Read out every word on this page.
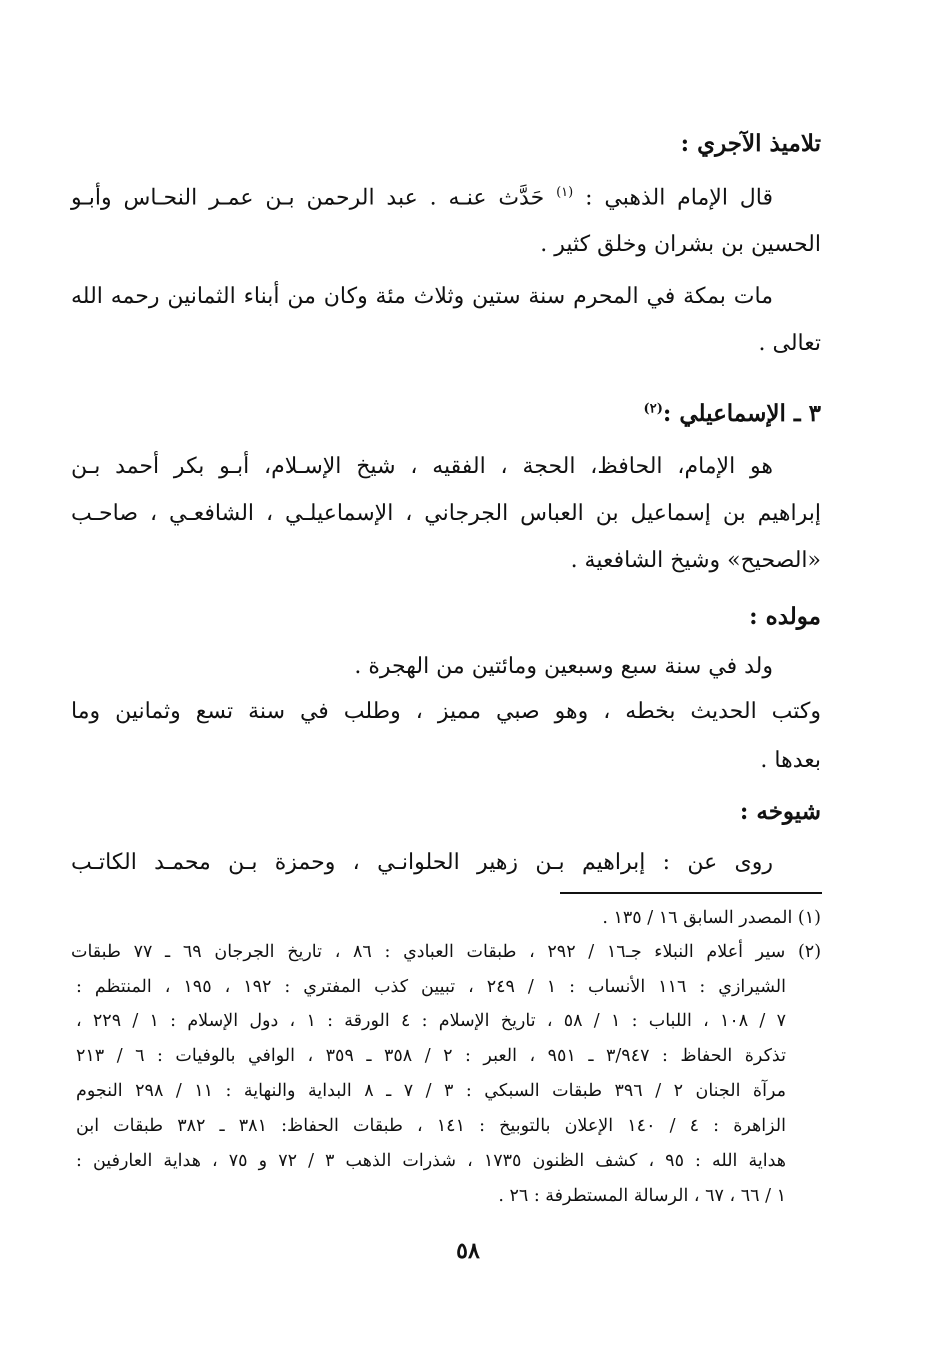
تلاميذ الآجري :

قال الإمام الذهبي : $^{(١)}$ حَدَّث عنـه . عبد الرحمن بـن عمـر النحـاس وأبـو

الحسين بن بشران وخلق كثير .

مات بمكة في المحرم سنة ستين وثلاث مئة وكان من أبناء الثمانين رحمه الله

تعالى .

٣ ـ الإسماعيلي :$^{(٢)}$

هو الإمام، الحافظ، الحجة ، الفقيه ، شيخ الإسـلام، أبـو بكر أحمد بـن

إبراهيم بن إسماعيل بن العباس الجرجاني ، الإسماعيلـي ، الشافعـي ، صاحـب

«الصحيح» وشيخ الشافعية .

مولده :

ولد في سنة سبع وسبعين ومائتين من الهجرة .

وكتب الحديث بخطه ، وهو صبي مميز ، وطلب في سنة تسع وثمانين وما

بعدها .

شيوخه :

روى عن : إبراهيم بـن زهير الحلوانـي ، وحمزة بـن محمـد الكاتـب

(١) المصدر السابق ١٦ / ١٣٥ .

(٢) سير أعلام النبلاء جـ١٦ / ٢٩٢ ، طبقات العبادي : ٨٦ ، تاريخ الجرجان ٦٩ ـ ٧٧ طبقات

الشيرازي : ١١٦ الأنساب : ١ / ٢٤٩ ، تبيين كذب المفتري : ١٩٢ ، ١٩٥ ، المنتظم :

٧ / ١٠٨ ، اللباب : ١ / ٥٨ ، تاريخ الإسلام : ٤ الورقة : ١ ، دول الإسلام : ١ / ٢٢٩ ،

تذكرة الحفاظ : ٣/٩٤٧ ـ ٩٥١ ، العبر : ٢ / ٣٥٨ ـ ٣٥٩ ، الوافي بالوفيات : ٦ / ٢١٣

مرآة الجنان ٢ / ٣٩٦ طبقات السبكي : ٣ / ٧ ـ ٨ البداية والنهاية : ١١ / ٢٩٨ النجوم

الزاهرة : ٤ / ١٤٠ الإعلان بالتوبيخ : ١٤١ ، طبقات الحفاظ: ٣٨١ ـ ٣٨٢ طبقات ابن

هداية الله : ٩٥ ، كشف الظنون ١٧٣٥ ، شذرات الذهب ٣ / ٧٢ و ٧٥ ، هداية العارفين :

١ / ٦٦ ، ٦٧ ، الرسالة المستطرفة : ٢٦ .

٥٨
